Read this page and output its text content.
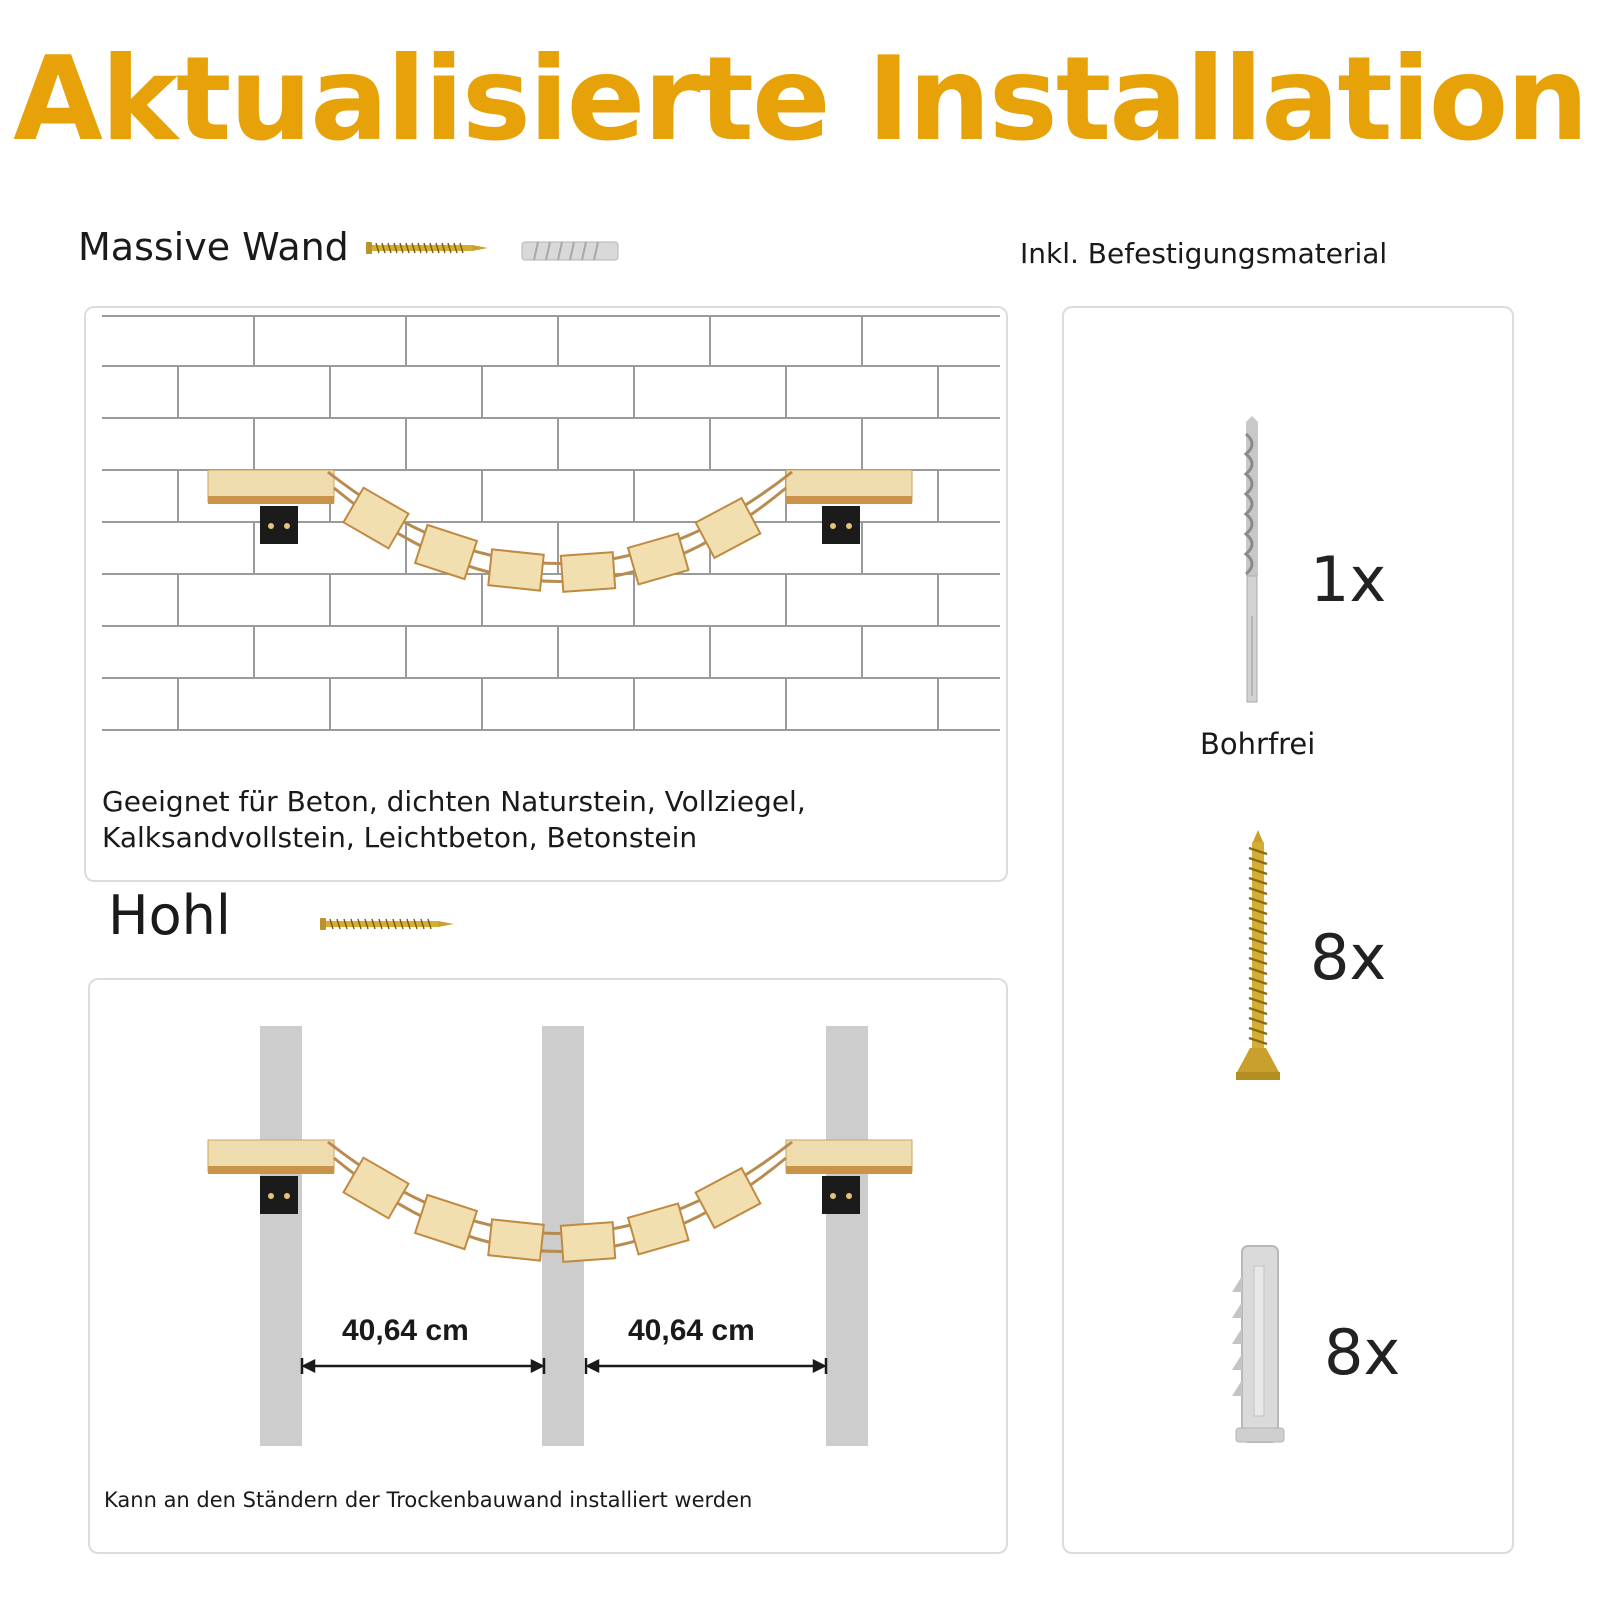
Aktualisierte Installation
Massive Wand	Inkl. Befestigungsmaterial
Geeignet für Beton, dichten Naturstein, Vollziegel, Kalksandvollstein, Leichtbeton, Betonstein
Hohl
40,64 cm	40,64 cm
Kann an den Ständern der Trockenbauwand installiert werden
1x
Bohrfrei
8x
8x
